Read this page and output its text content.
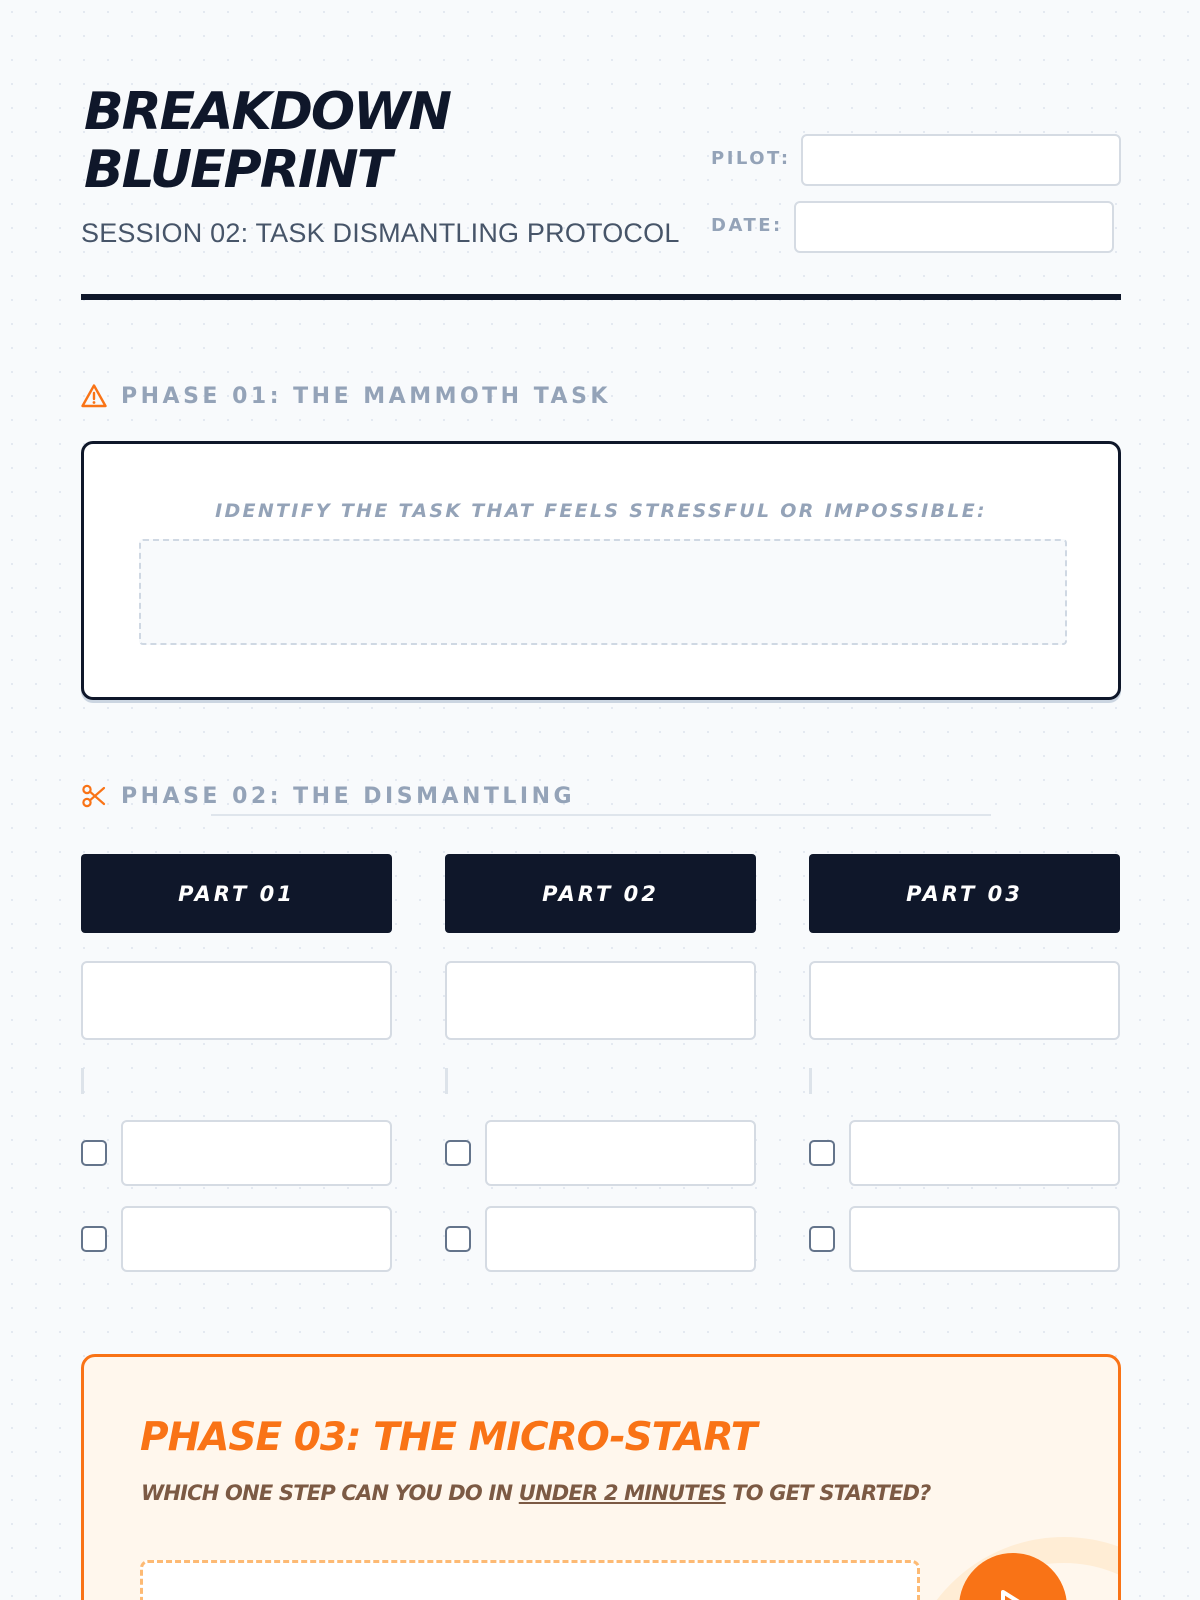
BREAKDOWN
BLUEPRINT
SESSION 02: TASK DISMANTLING PROTOCOL
PILOT:
DATE:
PHASE 01: THE MAMMOTH TASK
IDENTIFY THE TASK THAT FEELS STRESSFUL OR IMPOSSIBLE:
PHASE 02: THE DISMANTLING
PART 01	PART 02	PART 03
PHASE 03: THE MICRO-START
WHICH ONE STEP CAN YOU DO IN UNDER 2 MINUTES TO GET STARTED?
